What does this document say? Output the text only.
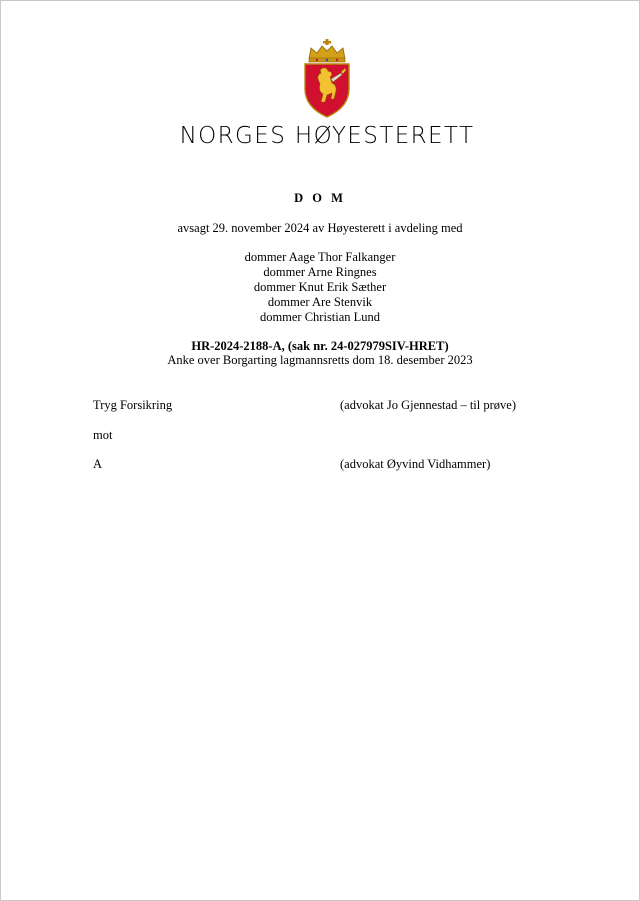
NORGES HØYESTERETT
D O M
avsagt 29. november 2024 av Høyesterett i avdeling med
dommer Aage Thor Falkanger
dommer Arne Ringnes
dommer Knut Erik Sæther
dommer Are Stenvik
dommer Christian Lund
HR-2024-2188-A, (sak nr. 24-027979SIV-HRET)
Anke over Borgarting lagmannsretts dom 18. desember 2023
Tryg Forsikring	(advokat Jo Gjennestad – til prøve)
mot
A	(advokat Øyvind Vidhammer)
